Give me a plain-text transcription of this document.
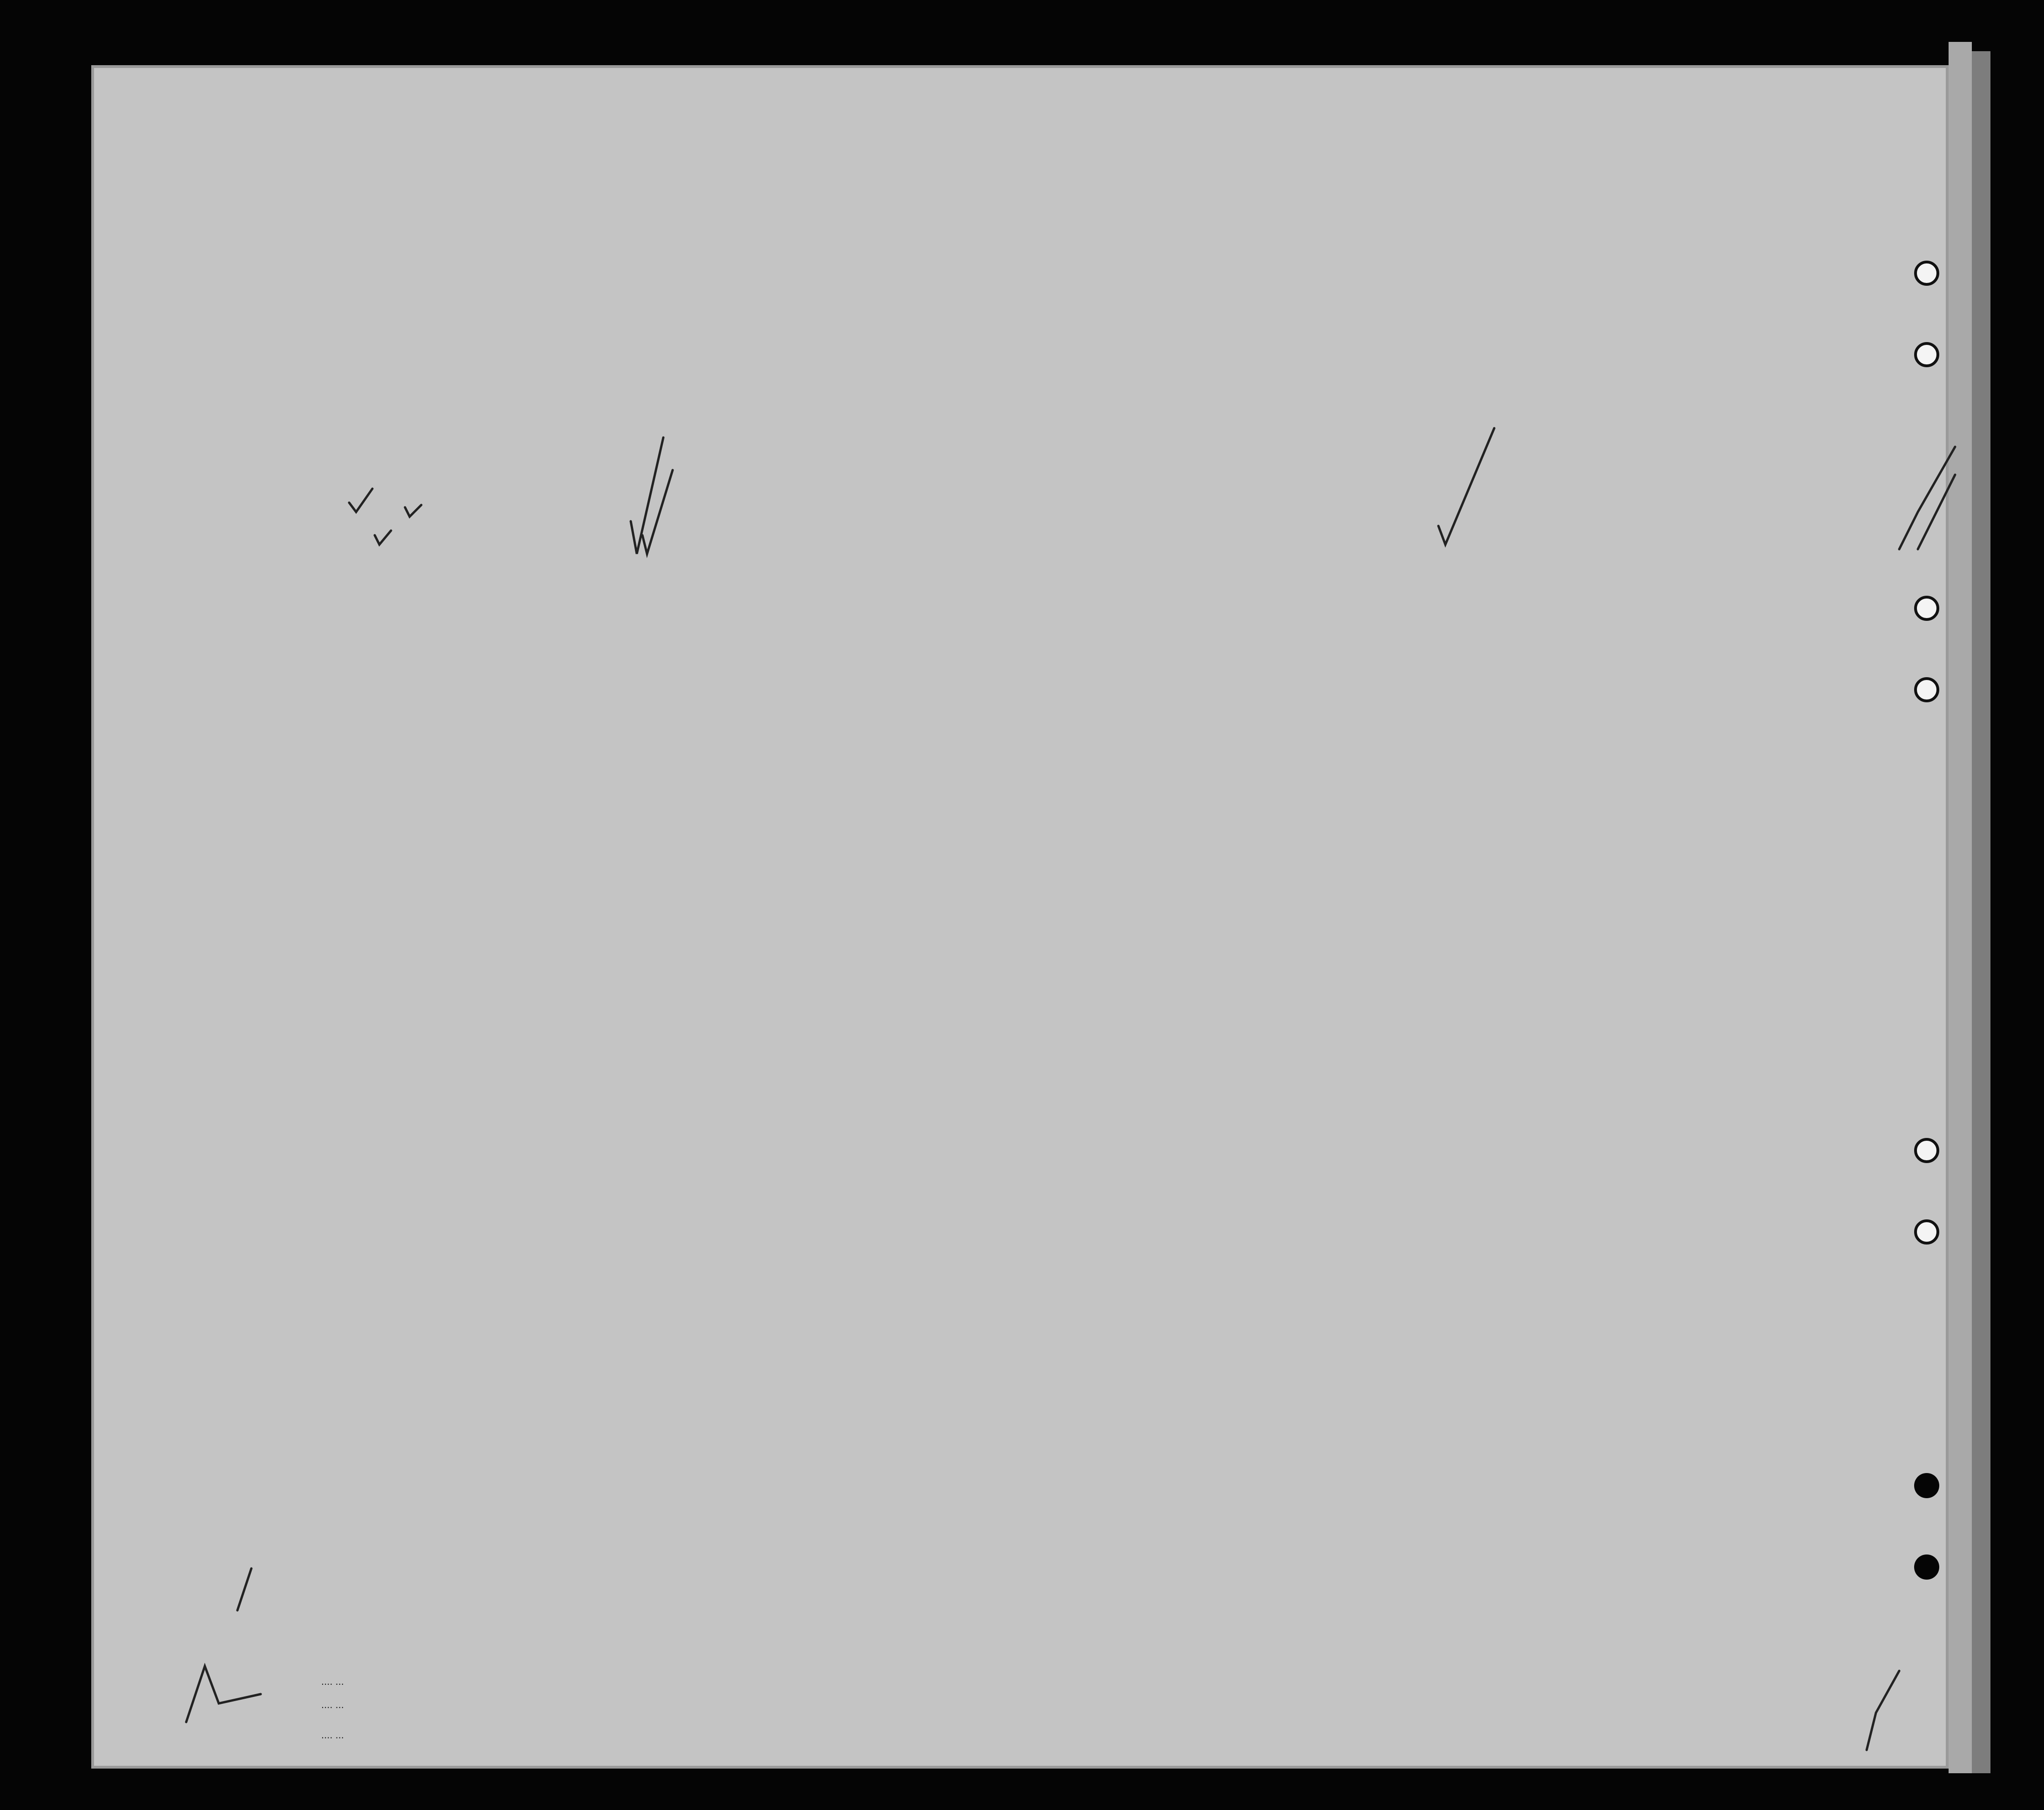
.... ...
.... ...
.... ...
